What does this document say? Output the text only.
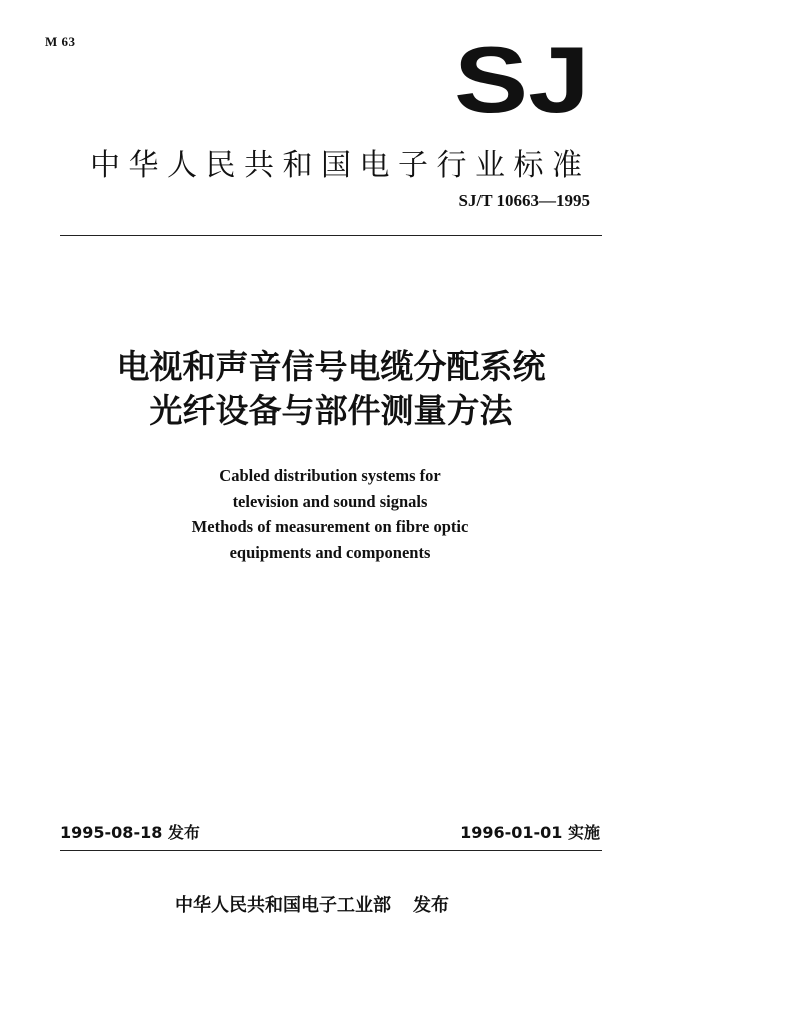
M 63	SJ
中华人民共和国电子行业标准
SJ/T 10663—1995
电视和声音信号电缆分配系统
光纤设备与部件测量方法
Cabled distribution systems for
television and sound signals
Methods of measurement on fibre optic
equipments and components
1995-08-18 发布	1996-01-01 实施
中华人民共和国电子工业部 发布
